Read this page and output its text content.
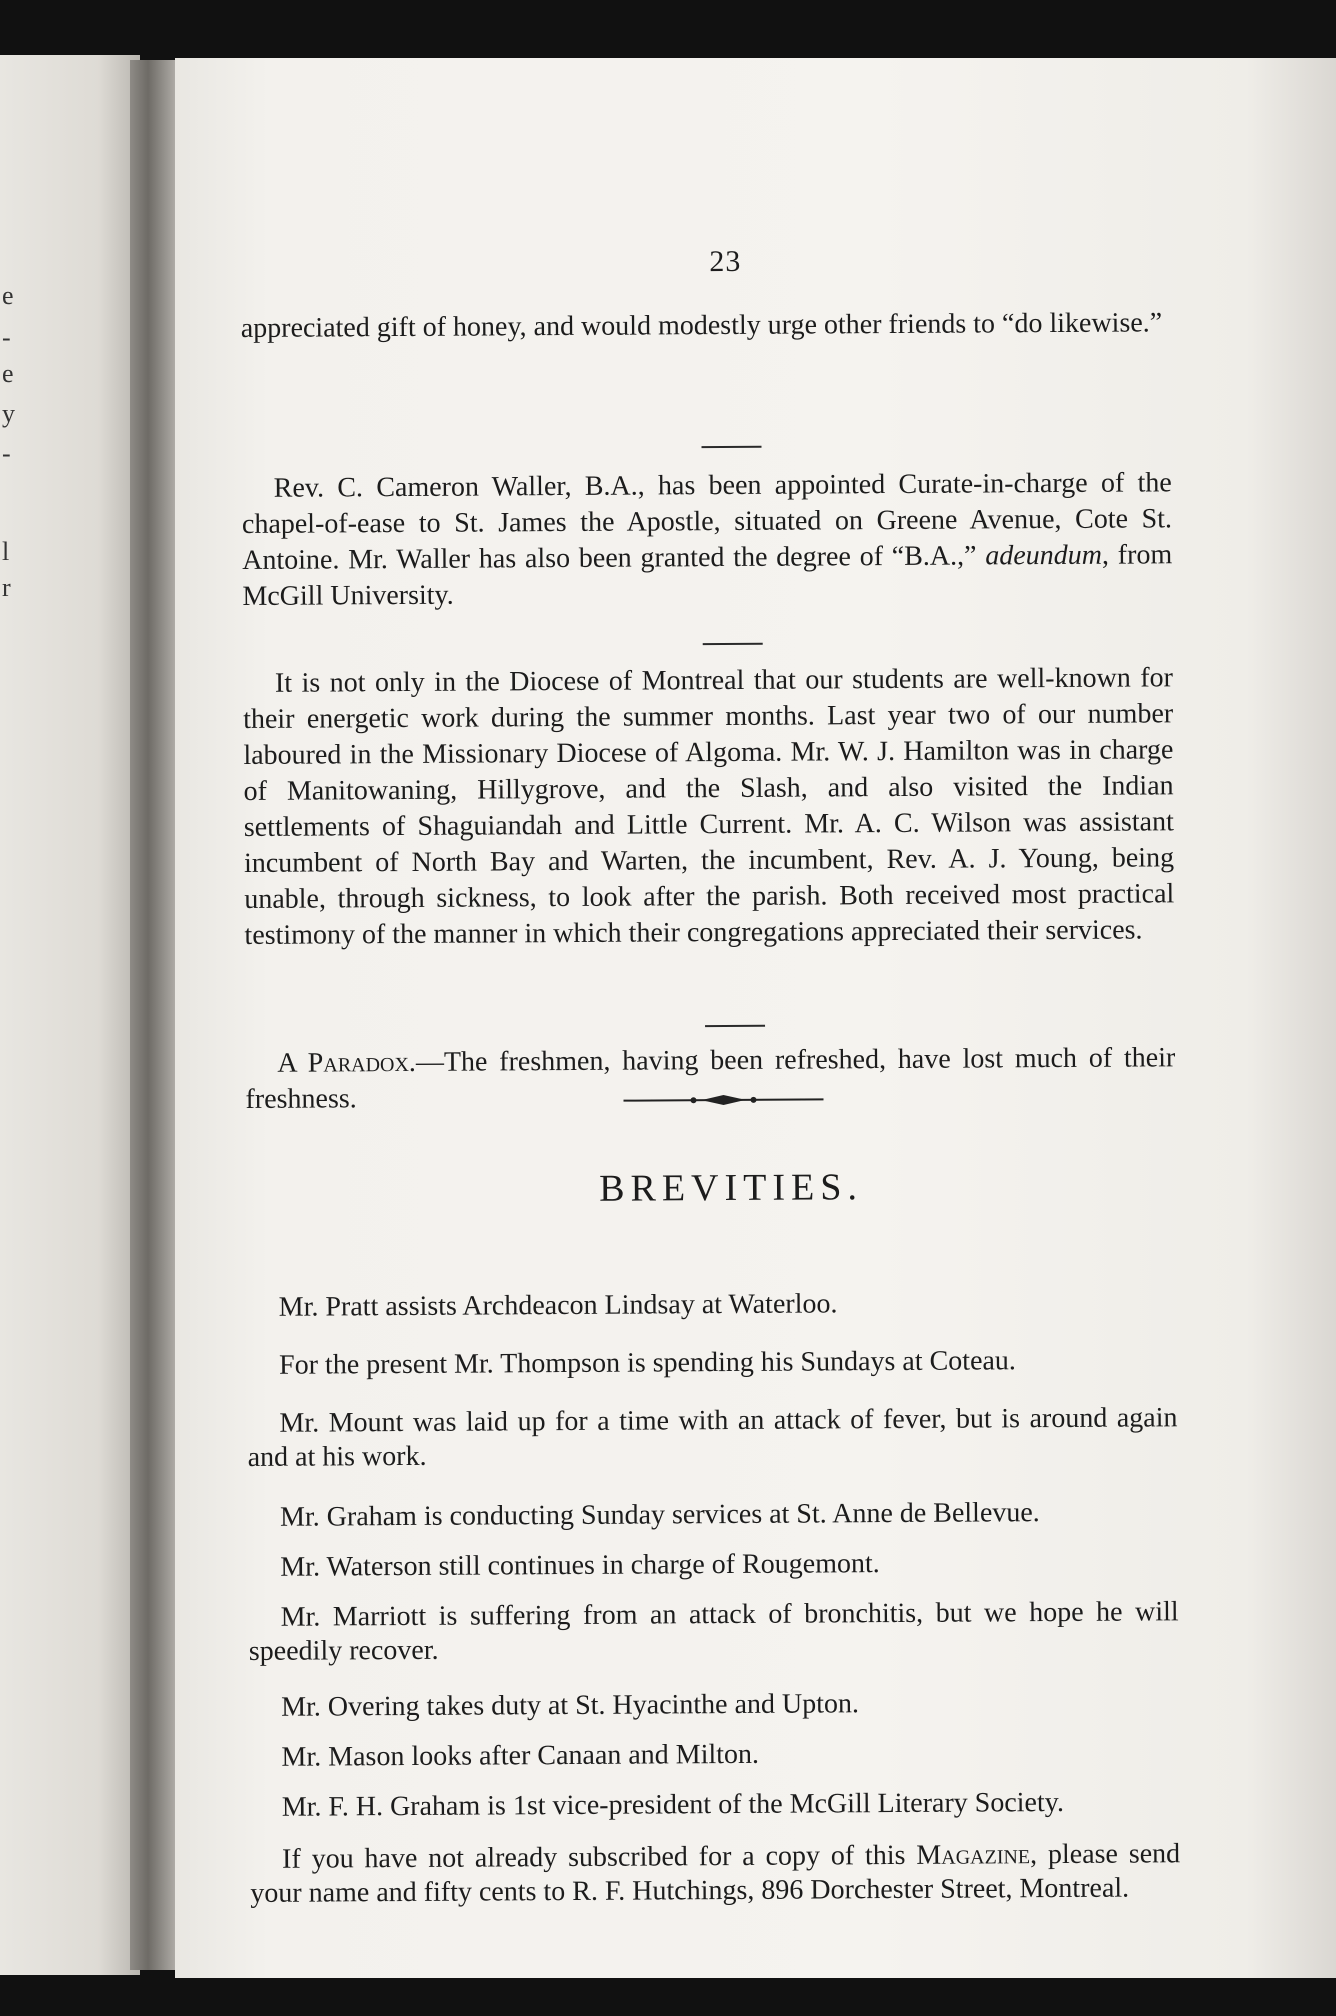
e
-
e
y
-
l
r
23

appreciated gift of honey, and would modestly urge other friends to “do likewise.”

Rev. C. Cameron Waller, B.A., has been appointed Curate-in-charge of the chapel-of-ease to St. James the Apostle, situated on Greene Avenue, Cote St. Antoine. Mr. Waller has also been granted the degree of “B.A.,” adeundum, from McGill University.

It is not only in the Diocese of Montreal that our students are well-known for their energetic work during the summer months. Last year two of our number laboured in the Missionary Diocese of Algoma. Mr. W. J. Hamilton was in charge of Manitowaning, Hillygrove, and the Slash, and also visited the Indian settlements of Shaguiandah and Little Current. Mr. A. C. Wilson was assistant incumbent of North Bay and Warten, the incumbent, Rev. A. J. Young, being unable, through sickness, to look after the parish. Both received most practical testimony of the manner in which their congregations appreciated their services.

A Paradox.—The freshmen, having been refreshed, have lost much of their freshness.

BREVITIES.

Mr. Pratt assists Archdeacon Lindsay at Waterloo.

For the present Mr. Thompson is spending his Sundays at Coteau.

Mr. Mount was laid up for a time with an attack of fever, but is around again and at his work.

Mr. Graham is conducting Sunday services at St. Anne de Bellevue.

Mr. Waterson still continues in charge of Rougemont.

Mr. Marriott is suffering from an attack of bronchitis, but we hope he will speedily recover.

Mr. Overing takes duty at St. Hyacinthe and Upton.

Mr. Mason looks after Canaan and Milton.

Mr. F. H. Graham is 1st vice-president of the McGill Literary Society.

If you have not already subscribed for a copy of this Magazine, please send your name and fifty cents to R. F. Hutchings, 896 Dorchester Street, Montreal.
